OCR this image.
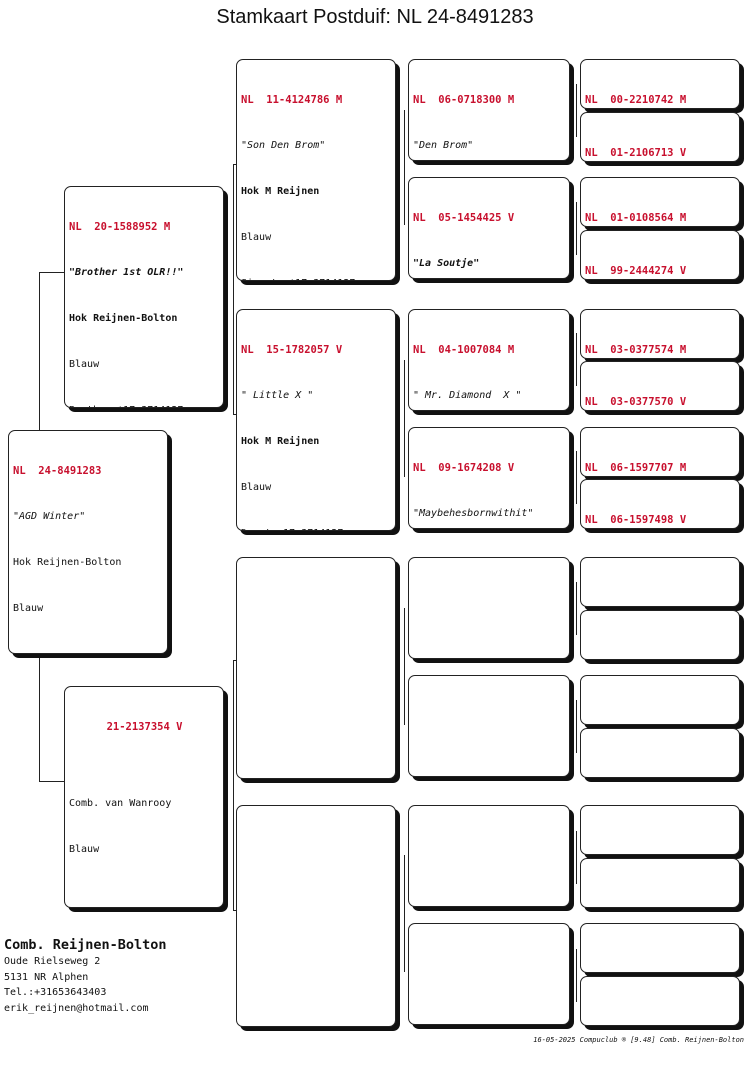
Stamkaart Postduif: NL 24-8491283

NL  24-8491283

"AGD Winter"

Hok Reijnen-Bolton

Blauw

NL  20-1588952 M

"Brother 1st OLR!!"

Hok Reijnen-Bolton

Blauw

21-2137354 V

Comb. van Wanrooy

Blauw

NL  11-4124786 M

"Son Den Brom"

Hok M Reijnen

Blauw

NL  15-1782057 V

" Little X "

Hok M Reijnen

Blauw

NL  06-0718300 M

"Den Brom"

NL  05-1454425 V

"La Soutje"

NL  04-1007084 M

" Mr. Diamond  X "

NL  09-1674208 V

"Maybehesbornwithit"

NL  00-2210742 M

NL  01-2106713 V

NL  01-0108564 M

NL  99-2444274 V

NL  03-0377574 M

NL  03-0377570 V

NL  06-1597707 M

NL  06-1597498 V

Comb. Reijnen-Bolton
Oude Rielseweg 2
5131 NR Alphen
Tel.:+31653643403
erik_reijnen@hotmail.com
16-05-2025 Compuclub ® [9.48] Comb. Reijnen-Bolton
